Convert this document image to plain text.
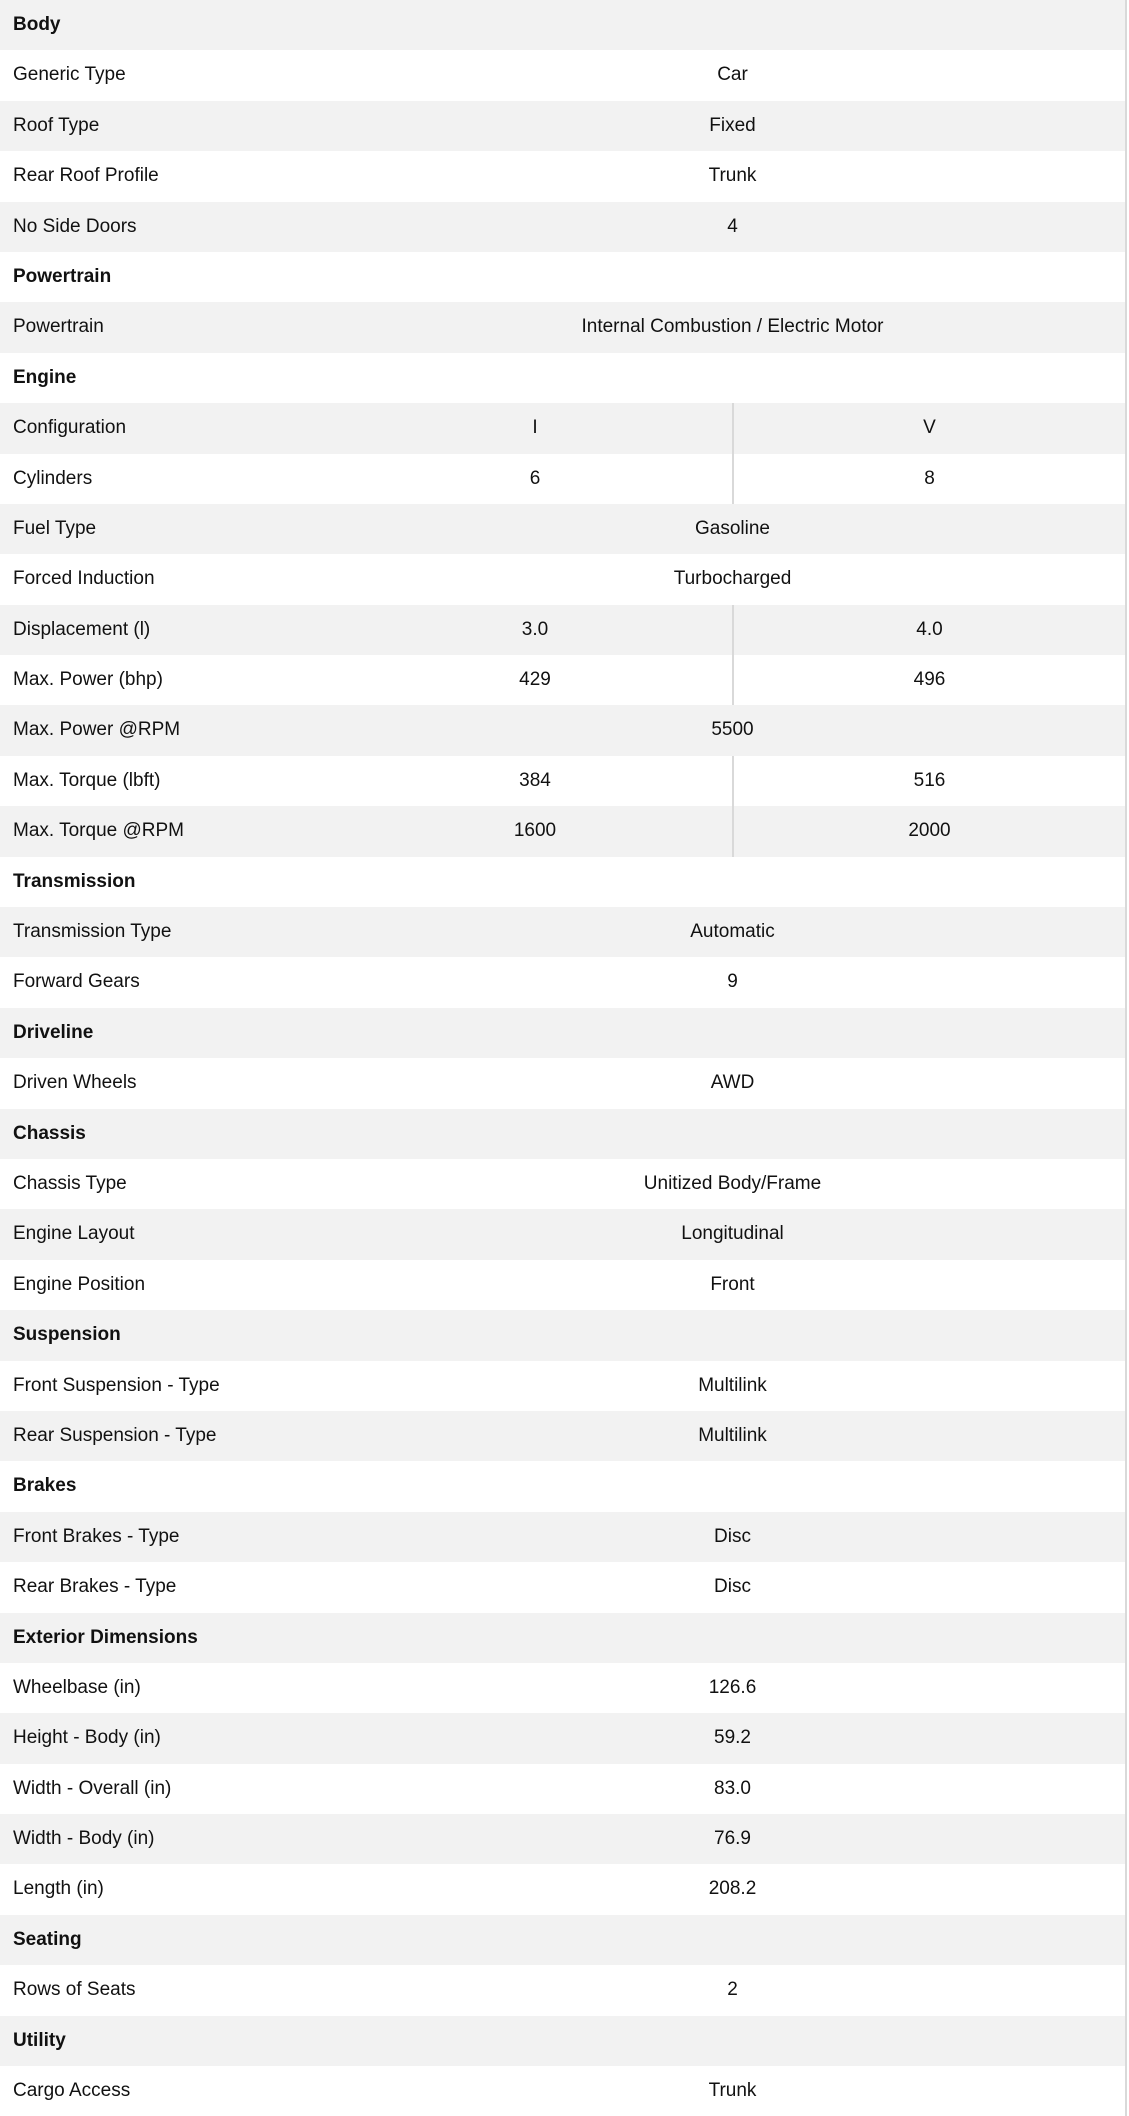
Body
Generic Type	Car
Roof Type	Fixed
Rear Roof Profile	Trunk
No Side Doors	4
Powertrain
Powertrain	Internal Combustion / Electric Motor
Engine
Configuration	I	V
Cylinders	6	8
Fuel Type	Gasoline
Forced Induction	Turbocharged
Displacement (l)	3.0	4.0
Max. Power (bhp)	429	496
Max. Power @RPM	5500
Max. Torque (lbft)	384	516
Max. Torque @RPM	1600	2000
Transmission
Transmission Type	Automatic
Forward Gears	9
Driveline
Driven Wheels	AWD
Chassis
Chassis Type	Unitized Body/Frame
Engine Layout	Longitudinal
Engine Position	Front
Suspension
Front Suspension - Type	Multilink
Rear Suspension - Type	Multilink
Brakes
Front Brakes - Type	Disc
Rear Brakes - Type	Disc
Exterior Dimensions
Wheelbase (in)	126.6
Height - Body (in)	59.2
Width - Overall (in)	83.0
Width - Body (in)	76.9
Length (in)	208.2
Seating
Rows of Seats	2
Utility
Cargo Access	Trunk
